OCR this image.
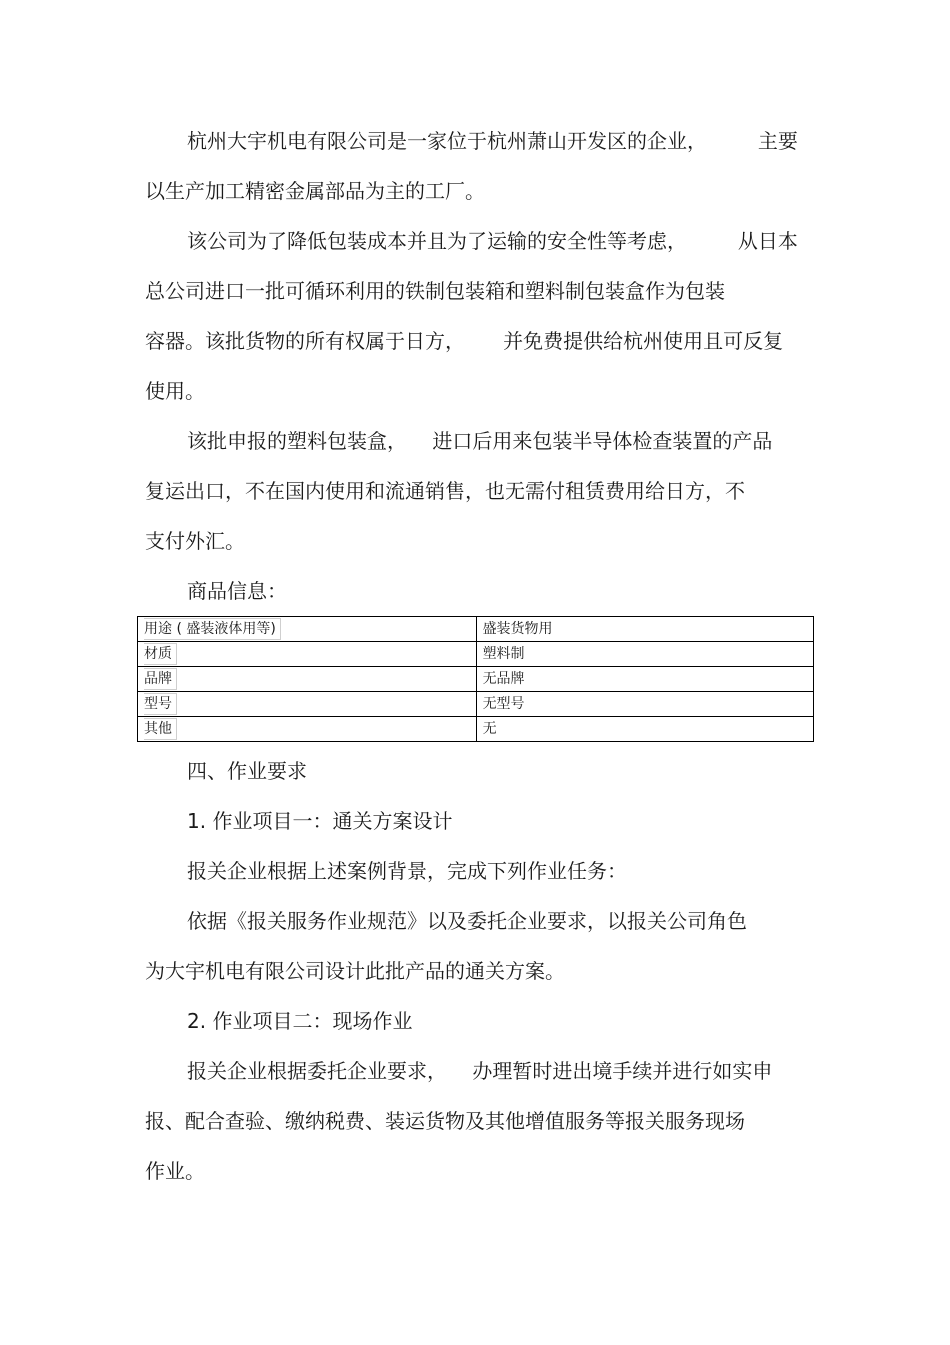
杭州大宇机电有限公司是一家位于杭州萧山开发区的企业，        主要

以生产加工精密金属部品为主的工厂。

该公司为了降低包装成本并且为了运输的安全性等考虑，        从日本

总公司进口一批可循环利用的铁制包装箱和塑料制包装盒作为包装

容器。该批货物的所有权属于日方，      并免费提供给杭州使用且可反复

使用。

该批申报的塑料包装盒，    进口后用来包装半导体检查装置的产品

复运出口，不在国内使用和流通销售，也无需付租赁费用给日方，不

支付外汇。

商品信息：

用途 ( 盛装液体用等)	盛装货物用
材质	塑料制
品牌	无品牌
型号	无型号
其他	无

四、作业要求

1. 作业项目一：通关方案设计

报关企业根据上述案例背景，完成下列作业任务：

依据《报关服务作业规范》以及委托企业要求，以报关公司角色

为大宇机电有限公司设计此批产品的通关方案。

2. 作业项目二：现场作业

报关企业根据委托企业要求，    办理暂时进出境手续并进行如实申

报、配合查验、缴纳税费、装运货物及其他增值服务等报关服务现场

作业。
